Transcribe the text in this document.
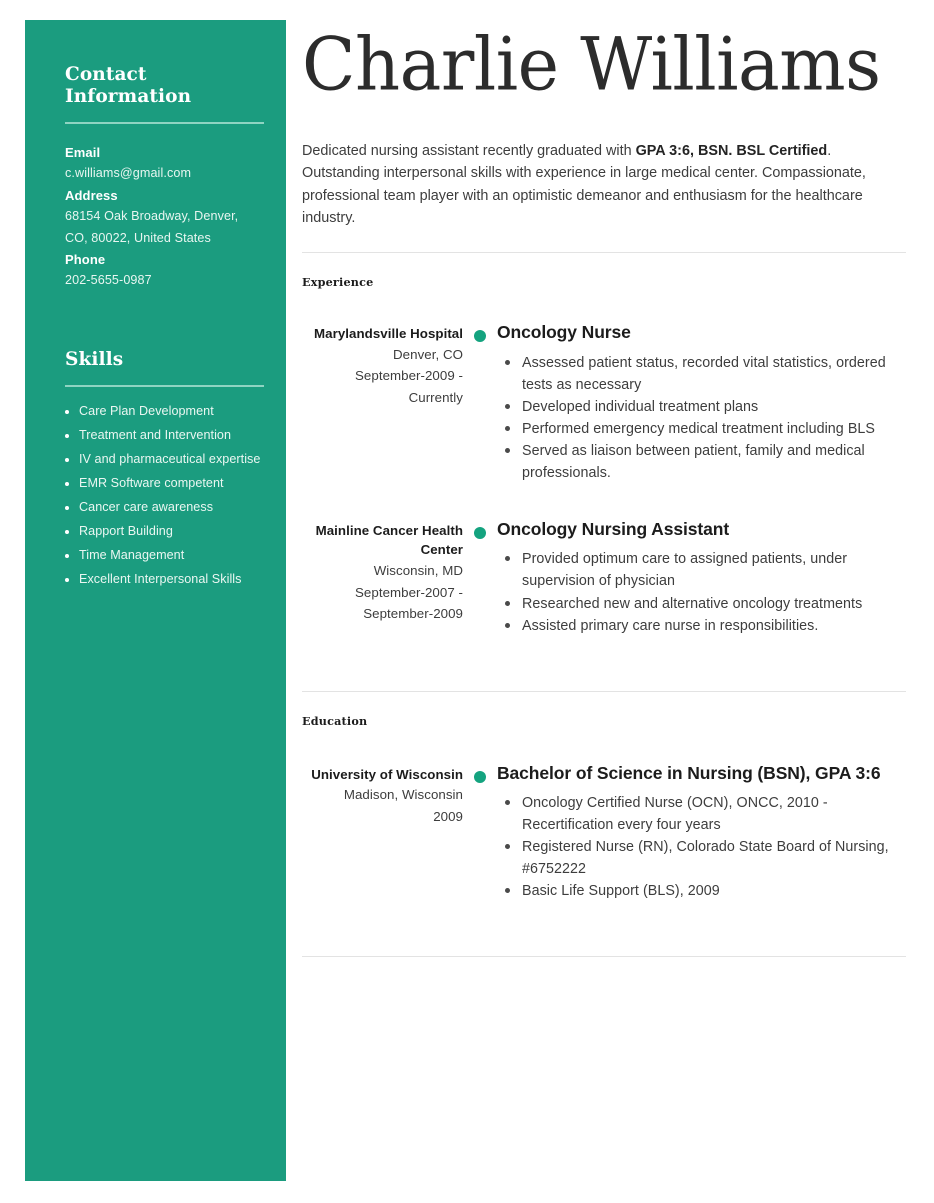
Contact Information
Email
c.williams@gmail.com
Address
68154 Oak Broadway, Denver,
CO, 80022, United States
Phone
202-5655-0987
Skills
Care Plan Development
Treatment and Intervention
IV and pharmaceutical expertise
EMR Software competent
Cancer care awareness
Rapport Building
Time Management
Excellent Interpersonal Skills
Charlie Williams

Dedicated nursing assistant recently graduated with GPA 3:6, BSN. BSL Certified. Outstanding interpersonal skills with experience in large medical center. Compassionate, professional team player with an optimistic demeanor and enthusiasm for the healthcare industry.

Experience
Marylandsville Hospital
Denver, CO
September-2009 -
Currently
Oncology Nurse
Assessed patient status, recorded vital statistics, ordered tests as necessary
Developed individual treatment plans
Performed emergency medical treatment including BLS
Served as liaison between patient, family and medical professionals.
Mainline Cancer Health Center
Wisconsin, MD
September-2007 -
September-2009
Oncology Nursing Assistant
Provided optimum care to assigned patients, under supervision of physician
Researched new and alternative oncology treatments
Assisted primary care nurse in responsibilities.
Education
University of Wisconsin
Madison, Wisconsin
2009
Bachelor of Science in Nursing (BSN), GPA 3:6
Oncology Certified Nurse (OCN), ONCC, 2010 - Recertification every four years
Registered Nurse (RN), Colorado State Board of Nursing, #6752222
Basic Life Support (BLS), 2009
